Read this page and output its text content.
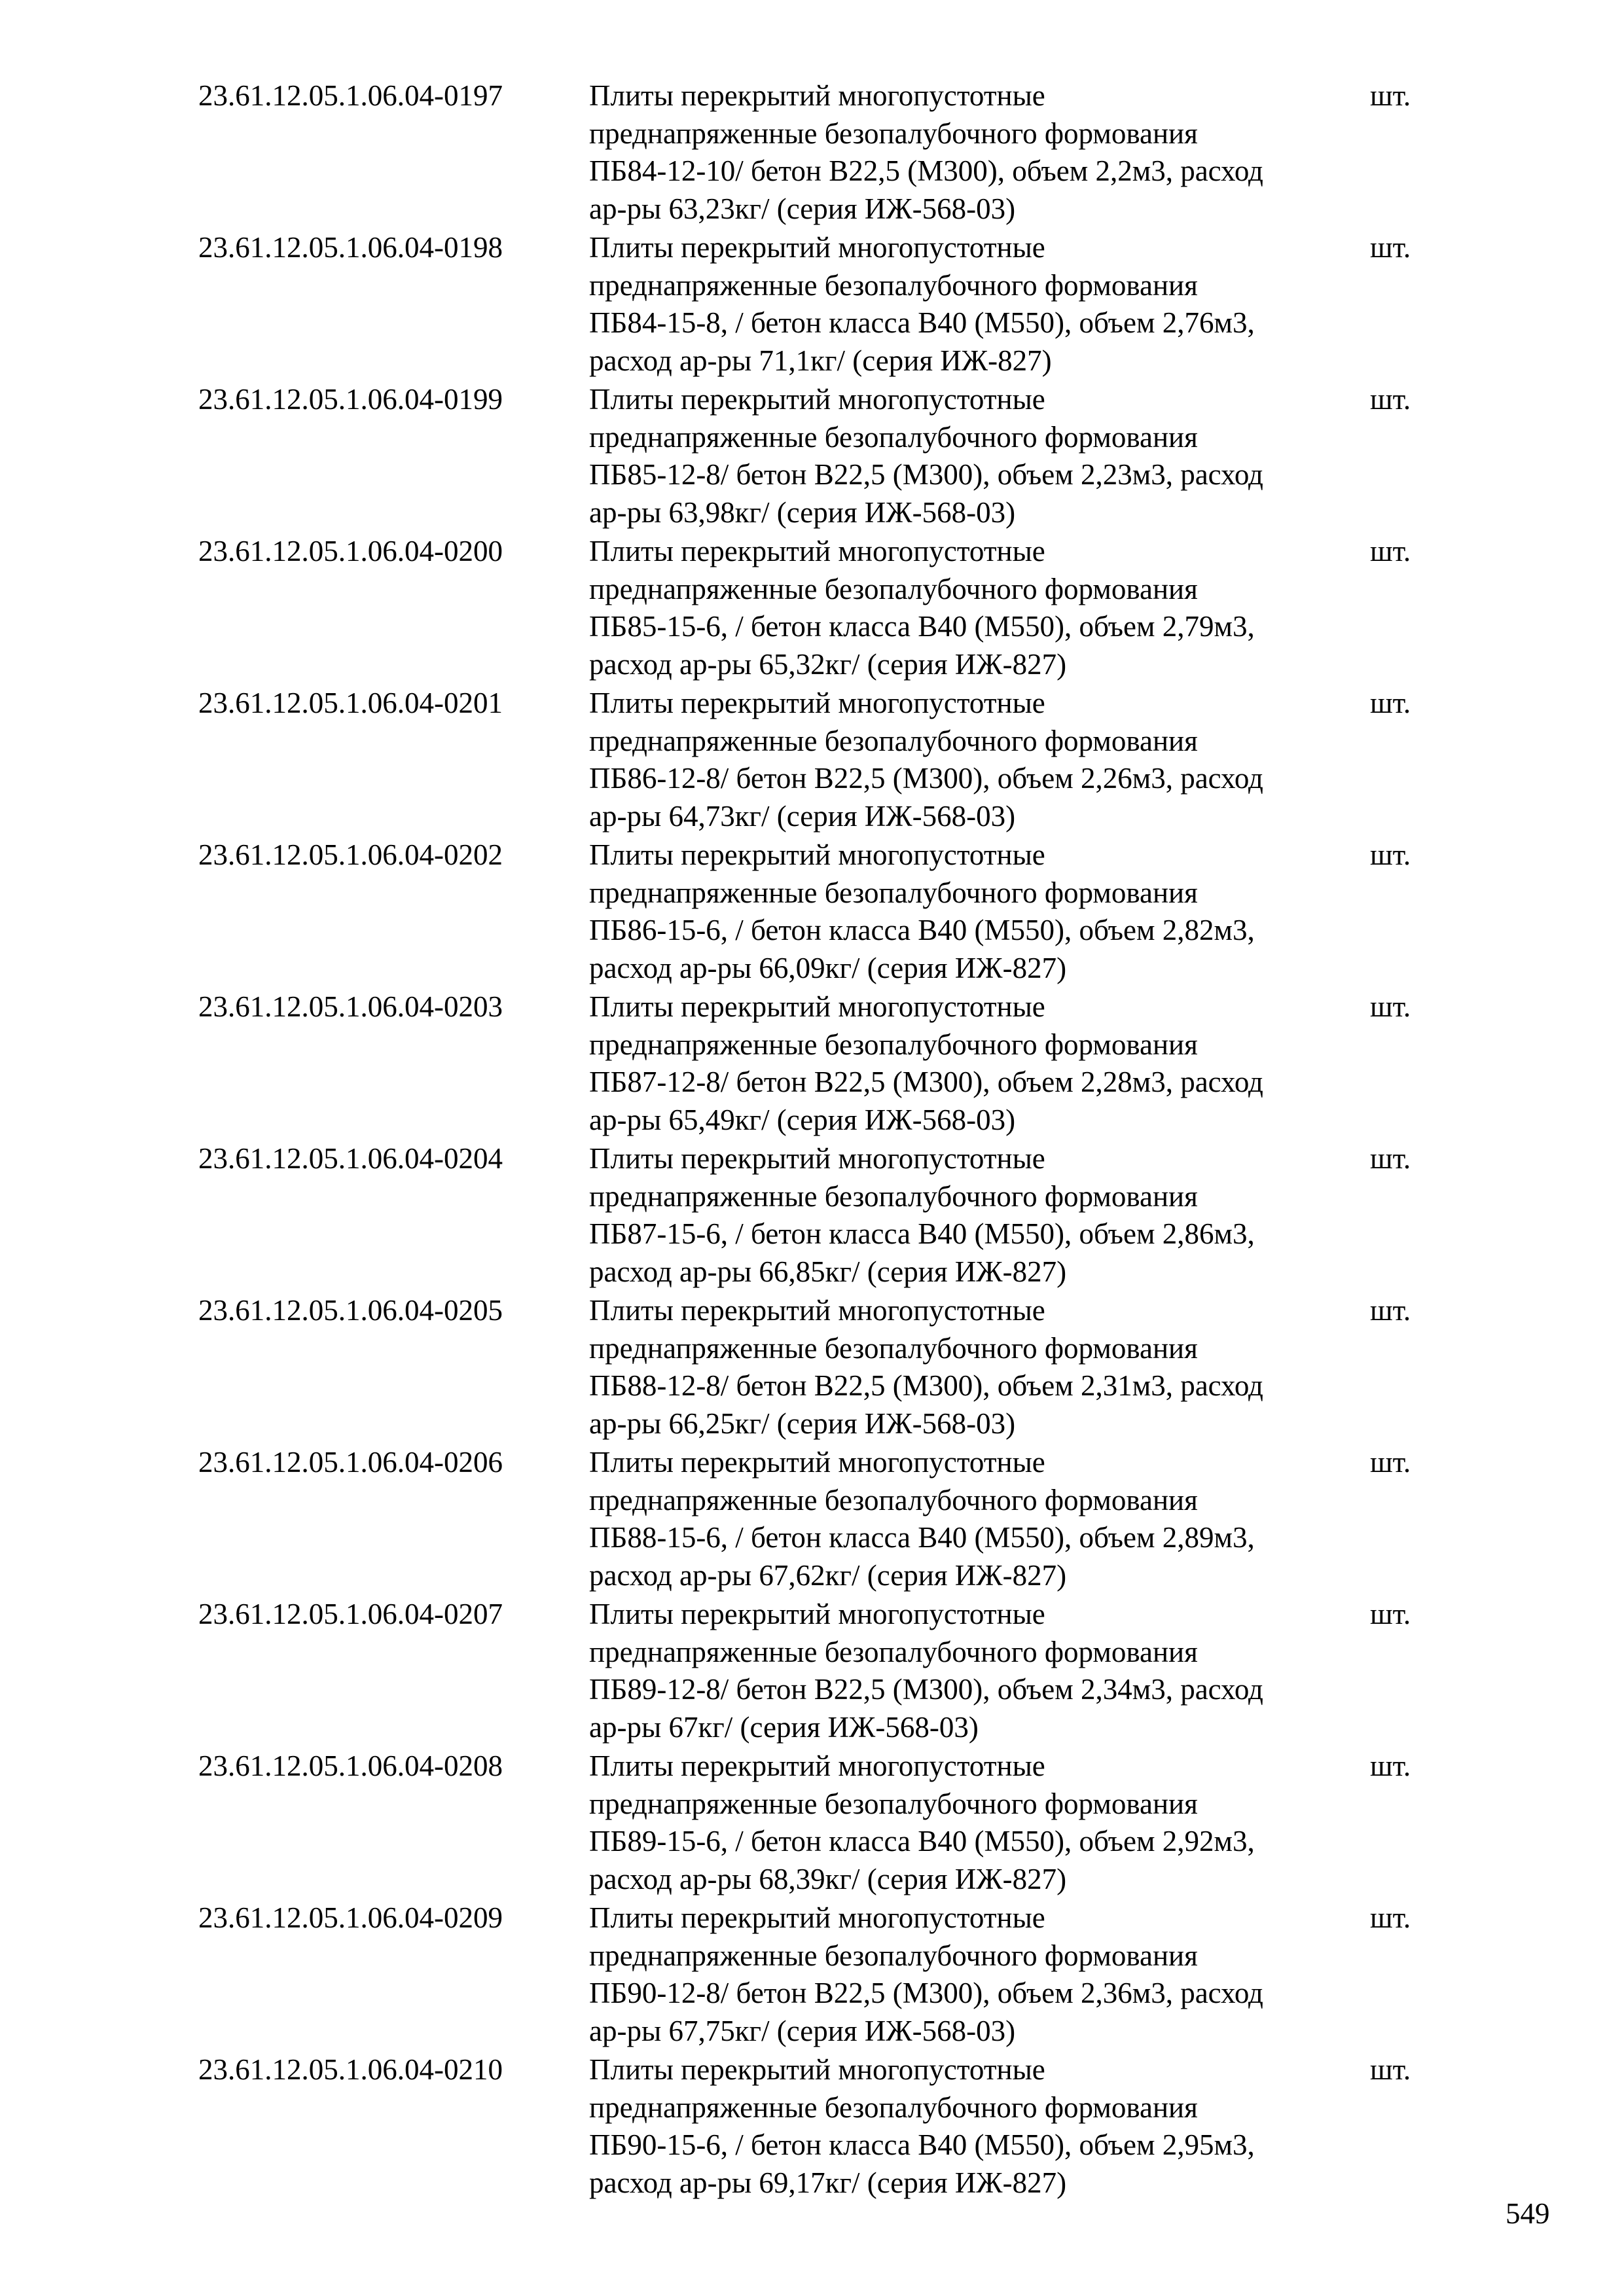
23.61.12.05.1.06.04-0197	Плиты перекрытий многопустотные
преднапряженные безопалубочного формования
ПБ84-12-10/ бетон В22,5 (М300), объем 2,2м3, расход
ар-ры 63,23кг/ (серия ИЖ-568-03)
шт.
23.61.12.05.1.06.04-0198	Плиты перекрытий многопустотные
преднапряженные безопалубочного формования
ПБ84-15-8, / бетон класса В40 (М550), объем 2,76м3,
расход ар-ры 71,1кг/ (серия ИЖ-827)
шт.
23.61.12.05.1.06.04-0199	Плиты перекрытий многопустотные
преднапряженные безопалубочного формования
ПБ85-12-8/ бетон В22,5 (М300), объем 2,23м3, расход
ар-ры 63,98кг/ (серия ИЖ-568-03)
шт.
23.61.12.05.1.06.04-0200	Плиты перекрытий многопустотные
преднапряженные безопалубочного формования
ПБ85-15-6, / бетон класса В40 (М550), объем 2,79м3,
расход ар-ры 65,32кг/ (серия ИЖ-827)
шт.
23.61.12.05.1.06.04-0201	Плиты перекрытий многопустотные
преднапряженные безопалубочного формования
ПБ86-12-8/ бетон В22,5 (М300), объем 2,26м3, расход
ар-ры 64,73кг/ (серия ИЖ-568-03)
шт.
23.61.12.05.1.06.04-0202	Плиты перекрытий многопустотные
преднапряженные безопалубочного формования
ПБ86-15-6, / бетон класса В40 (М550), объем 2,82м3,
расход ар-ры 66,09кг/ (серия ИЖ-827)
шт.
23.61.12.05.1.06.04-0203	Плиты перекрытий многопустотные
преднапряженные безопалубочного формования
ПБ87-12-8/ бетон В22,5 (М300), объем 2,28м3, расход
ар-ры 65,49кг/ (серия ИЖ-568-03)
шт.
23.61.12.05.1.06.04-0204	Плиты перекрытий многопустотные
преднапряженные безопалубочного формования
ПБ87-15-6, / бетон класса В40 (М550), объем 2,86м3,
расход ар-ры 66,85кг/ (серия ИЖ-827)
шт.
23.61.12.05.1.06.04-0205	Плиты перекрытий многопустотные
преднапряженные безопалубочного формования
ПБ88-12-8/ бетон В22,5 (М300), объем 2,31м3, расход
ар-ры 66,25кг/ (серия ИЖ-568-03)
шт.
23.61.12.05.1.06.04-0206	Плиты перекрытий многопустотные
преднапряженные безопалубочного формования
ПБ88-15-6, / бетон класса В40 (М550), объем 2,89м3,
расход ар-ры 67,62кг/ (серия ИЖ-827)
шт.
23.61.12.05.1.06.04-0207	Плиты перекрытий многопустотные
преднапряженные безопалубочного формования
ПБ89-12-8/ бетон В22,5 (М300), объем 2,34м3, расход
ар-ры 67кг/ (серия ИЖ-568-03)
шт.
23.61.12.05.1.06.04-0208	Плиты перекрытий многопустотные
преднапряженные безопалубочного формования
ПБ89-15-6, / бетон класса В40 (М550), объем 2,92м3,
расход ар-ры 68,39кг/ (серия ИЖ-827)
шт.
23.61.12.05.1.06.04-0209	Плиты перекрытий многопустотные
преднапряженные безопалубочного формования
ПБ90-12-8/ бетон В22,5 (М300), объем 2,36м3, расход
ар-ры 67,75кг/ (серия ИЖ-568-03)
шт.
23.61.12.05.1.06.04-0210	Плиты перекрытий многопустотные
преднапряженные безопалубочного формования
ПБ90-15-6, / бетон класса В40 (М550), объем 2,95м3,
расход ар-ры 69,17кг/ (серия ИЖ-827)
шт.
549
